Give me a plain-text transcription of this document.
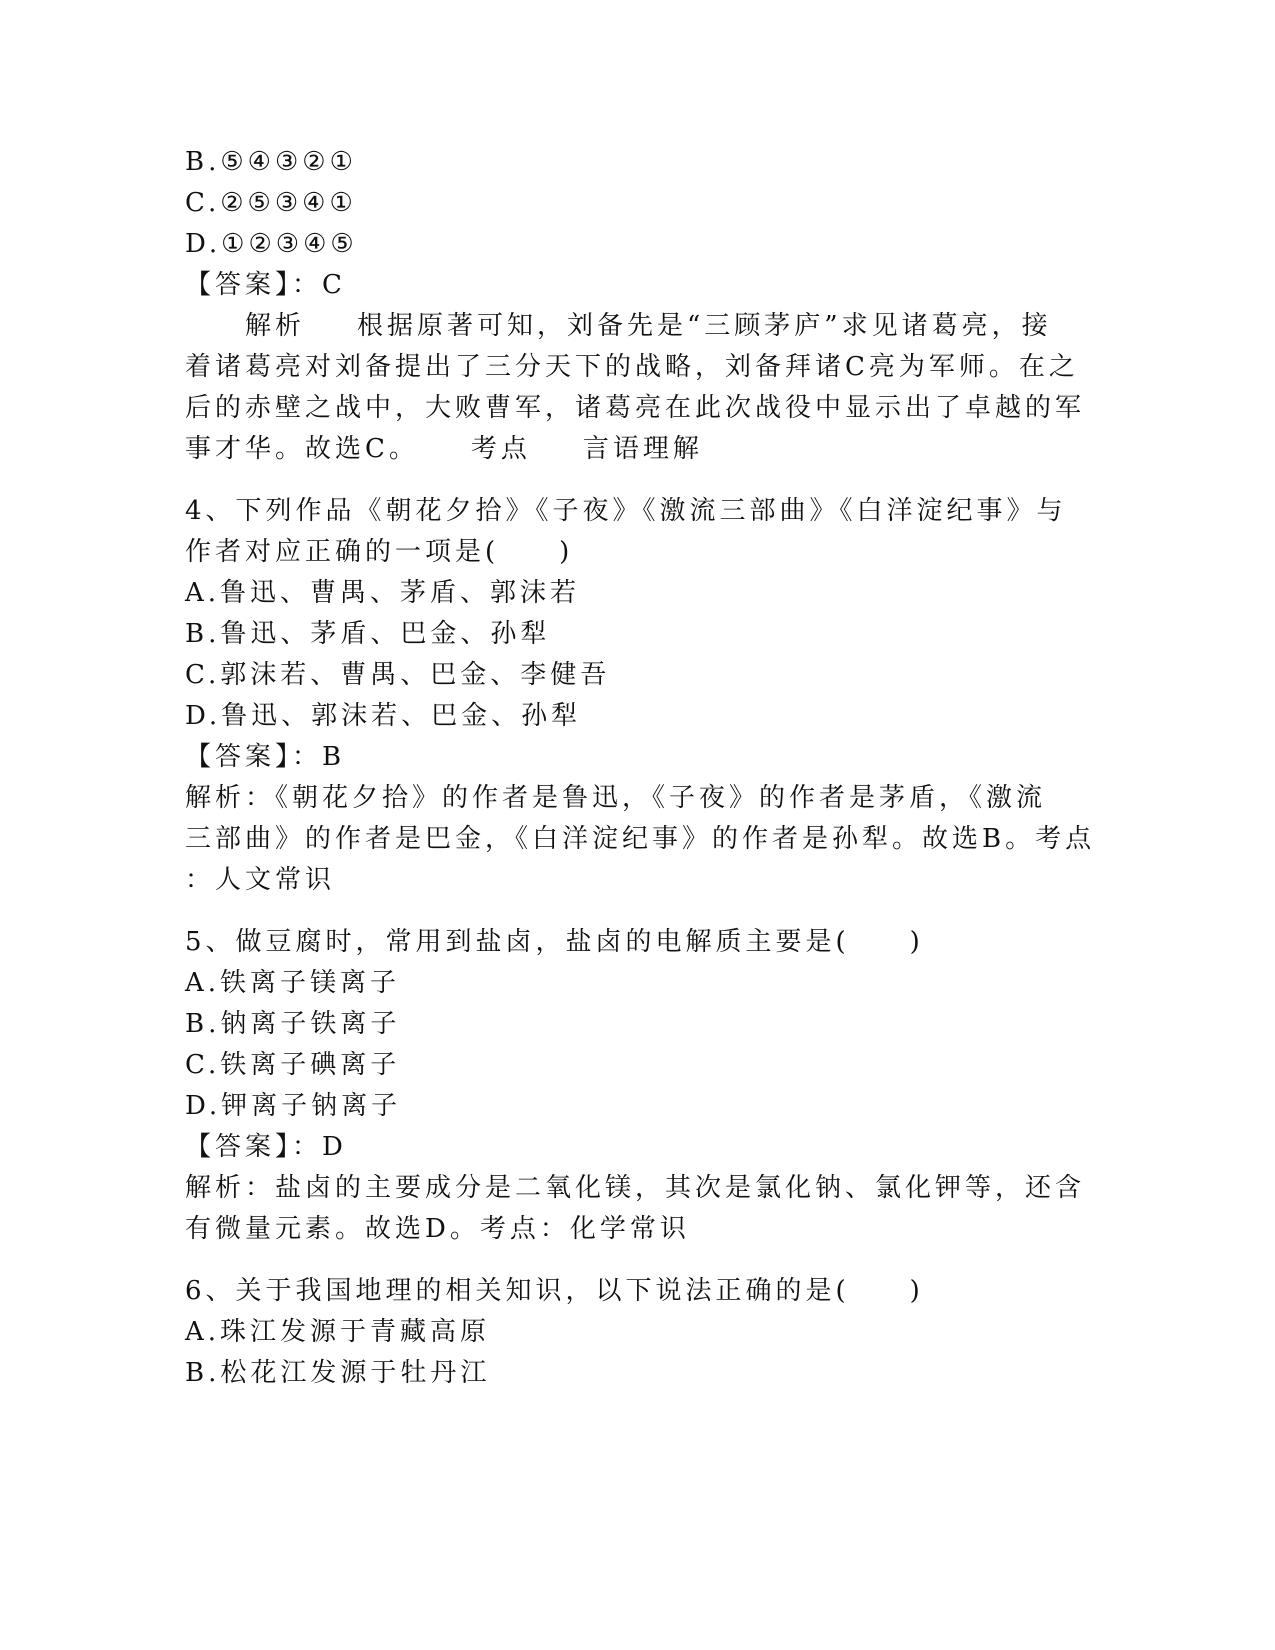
B.⑤④③②①
C.②⑤③④①
D.①②③④⑤
【答案】：C
解析 根据原著可知，刘备先是“三顾茅庐”求见诸葛亮，接
着诸葛亮对刘备提出了三分天下的战略，刘备拜诸C亮为军师。在之
后的赤壁之战中，大败曹军，诸葛亮在此次战役中显示出了卓越的军
事才华。故选C。 考点 言语理解
4、下列作品《朝花夕拾》《子夜》《激流三部曲》《白洋淀纪事》与
作者对应正确的一项是(　　)
A.鲁迅、曹禺、茅盾、郭沫若
B.鲁迅、茅盾、巴金、孙犁
C.郭沫若、曹禺、巴金、李健吾
D.鲁迅、郭沫若、巴金、孙犁
【答案】：B
解析：《朝花夕拾》的作者是鲁迅，《子夜》的作者是茅盾，《激流
三部曲》的作者是巴金，《白洋淀纪事》的作者是孙犁。故选B。考点
：人文常识
5、做豆腐时，常用到盐卤，盐卤的电解质主要是(　　)
A.铁离子镁离子
B.钠离子铁离子
C.铁离子碘离子
D.钾离子钠离子
【答案】：D
解析：盐卤的主要成分是二氧化镁，其次是氯化钠、氯化钾等，还含
有微量元素。故选D。考点：化学常识
6、关于我国地理的相关知识，以下说法正确的是(　　)
A.珠江发源于青藏高原
B.松花江发源于牡丹江
